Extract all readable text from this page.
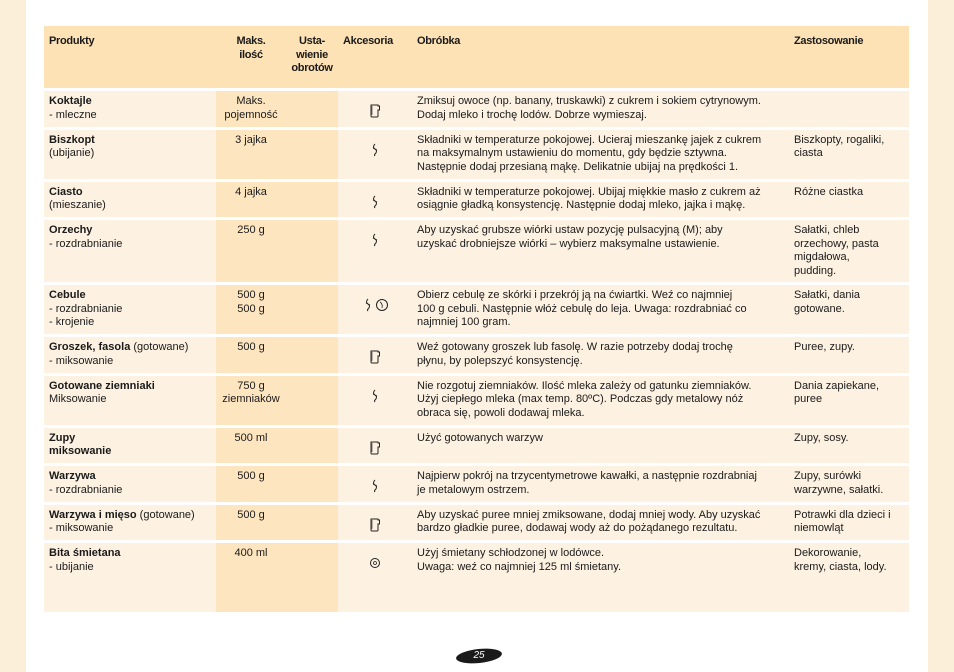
Produkty	Maks.
ilość	Usta-
wienie
obrotów	Akcesoria	Obróbka	Zastosowanie

Koktajle
- mleczne	Maks.
pojemność			Zmiksuj owoce (np. banany, truskawki) z cukrem i sokiem cytrynowym.
Dodaj mleko i trochę lodów. Dobrze wymieszaj.	

Biszkopt
(ubijanie)	3 jajka			Składniki w temperaturze pokojowej. Ucieraj mieszankę jajek z cukrem
na maksymalnym ustawieniu do momentu, gdy będzie sztywna.
Następnie dodaj przesianą mąkę. Delikatnie ubijaj na prędkości 1.	Biszkopty, rogaliki,
ciasta

Ciasto
(mieszanie)	4 jajka			Składniki w temperaturze pokojowej. Ubijaj miękkie masło z cukrem aż
osiągnie gładką konsystencję. Następnie dodaj mleko, jajka i mąkę.	Różne ciastka

Orzechy
- rozdrabnianie	250 g			Aby uzyskać grubsze wiórki ustaw pozycję pulsacyjną (M); aby
uzyskać drobniejsze wiórki – wybierz maksymalne ustawienie.	Sałatki, chleb
orzechowy, pasta
migdałowa,
pudding.

Cebule
- rozdrabnianie
- krojenie	500 g
500 g			Obierz cebulę ze skórki i przekrój ją na ćwiartki. Weź co najmniej
100 g cebuli. Następnie włóż cebulę do leja. Uwaga: rozdrabniać co
najmniej 100 gram.	Sałatki, dania
gotowane.

Groszek, fasola (gotowane)
- miksowanie	500 g			Weź gotowany groszek lub fasolę. W razie potrzeby dodaj trochę
płynu, by polepszyć konsystencję.	Puree, zupy.

Gotowane ziemniaki
Miksowanie	750 g
ziemniaków			Nie rozgotuj ziemniaków. Ilość mleka zależy od gatunku ziemniaków.
Użyj ciepłego mleka (max temp. 80ºC). Podczas gdy metalowy nóż
obraca się, powoli dodawaj mleka.	Dania zapiekane,
puree

Zupy
miksowanie	500 ml			Użyć gotowanych warzyw	Zupy, sosy.

Warzywa
- rozdrabnianie	500 g			Najpierw pokrój na trzycentymetrowe kawałki, a następnie rozdrabniaj
je metalowym ostrzem.	Zupy, surówki
warzywne, sałatki.

Warzywa i mięso (gotowane)
- miksowanie	500 g			Aby uzyskać puree mniej zmiksowane, dodaj mniej wody. Aby uzyskać
bardzo gładkie puree, dodawaj wody aż do pożądanego rezultatu.	Potrawki dla dzieci i
niemowląt

Bita śmietana
- ubijanie	400 ml			Użyj śmietany schłodzonej w lodówce.
Uwaga: weź co najmniej 125 ml śmietany.	Dekorowanie,
kremy, ciasta, lody.
25
